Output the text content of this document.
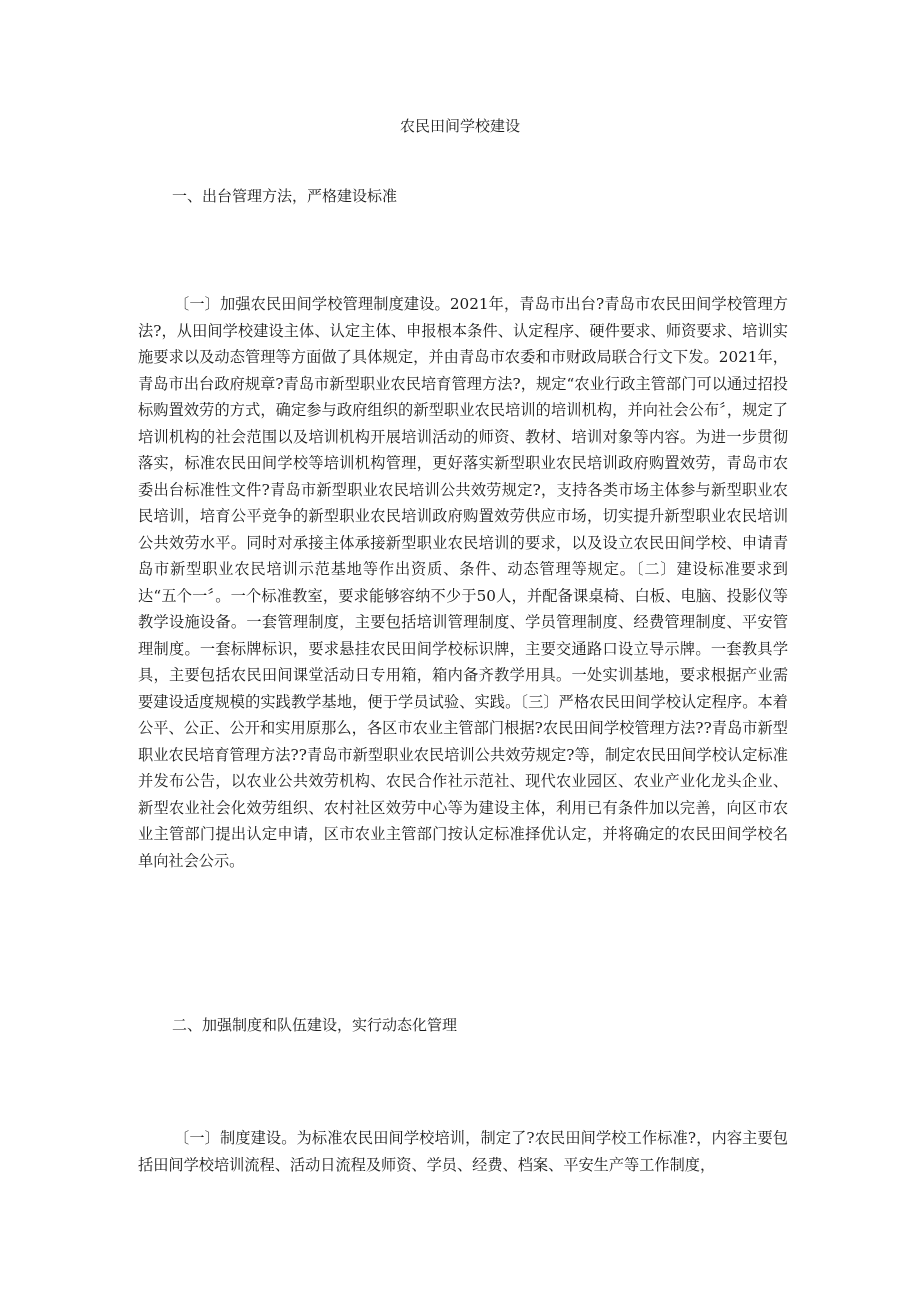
农民田间学校建设
一、出台管理方法，严格建设标准

〔一〕加强农民田间学校管理制度建设。2021年，青岛市出台?青岛市农民田间学校管理方法?，从田间学校建设主体、认定主体、申报根本条件、认定程序、硬件要求、师资要求、培训实施要求以及动态管理等方面做了具体规定，并由青岛市农委和市财政局联合行文下发。2021年，青岛市出台政府规章?青岛市新型职业农民培育管理方法?，规定“农业行政主管部门可以通过招投标购置效劳的方式，确定参与政府组织的新型职业农民培训的培训机构，并向社会公布〞，规定了培训机构的社会范围以及培训机构开展培训活动的师资、教材、培训对象等内容。为进一步贯彻落实，标准农民田间学校等培训机构管理，更好落实新型职业农民培训政府购置效劳，青岛市农委出台标准性文件?青岛市新型职业农民培训公共效劳规定?，支持各类市场主体参与新型职业农民培训，培育公平竞争的新型职业农民培训政府购置效劳供应市场，切实提升新型职业农民培训公共效劳水平。同时对承接主体承接新型职业农民培训的要求，以及设立农民田间学校、申请青岛市新型职业农民培训示范基地等作出资质、条件、动态管理等规定。〔二〕建设标准要求到达“五个一〞。一个标准教室，要求能够容纳不少于50人，并配备课桌椅、白板、电脑、投影仪等教学设施设备。一套管理制度，主要包括培训管理制度、学员管理制度、经费管理制度、平安管理制度。一套标牌标识，要求悬挂农民田间学校标识牌，主要交通路口设立导示牌。一套教具学具，主要包括农民田间课堂活动日专用箱，箱内备齐教学用具。一处实训基地，要求根据产业需要建设适度规模的实践教学基地，便于学员试验、实践。〔三〕严格农民田间学校认定程序。本着公平、公正、公开和实用原那么，各区市农业主管部门根据?农民田间学校管理方法??青岛市新型职业农民培育管理方法??青岛市新型职业农民培训公共效劳规定?等，制定农民田间学校认定标准并发布公告，以农业公共效劳机构、农民合作社示范社、现代农业园区、农业产业化龙头企业、新型农业社会化效劳组织、农村社区效劳中心等为建设主体，利用已有条件加以完善，向区市农业主管部门提出认定申请，区市农业主管部门按认定标准择优认定，并将确定的农民田间学校名单向社会公示。

二、加强制度和队伍建设，实行动态化管理

〔一〕制度建设。为标准农民田间学校培训，制定了?农民田间学校工作标准?，内容主要包括田间学校培训流程、活动日流程及师资、学员、经费、档案、平安生产等工作制度，
